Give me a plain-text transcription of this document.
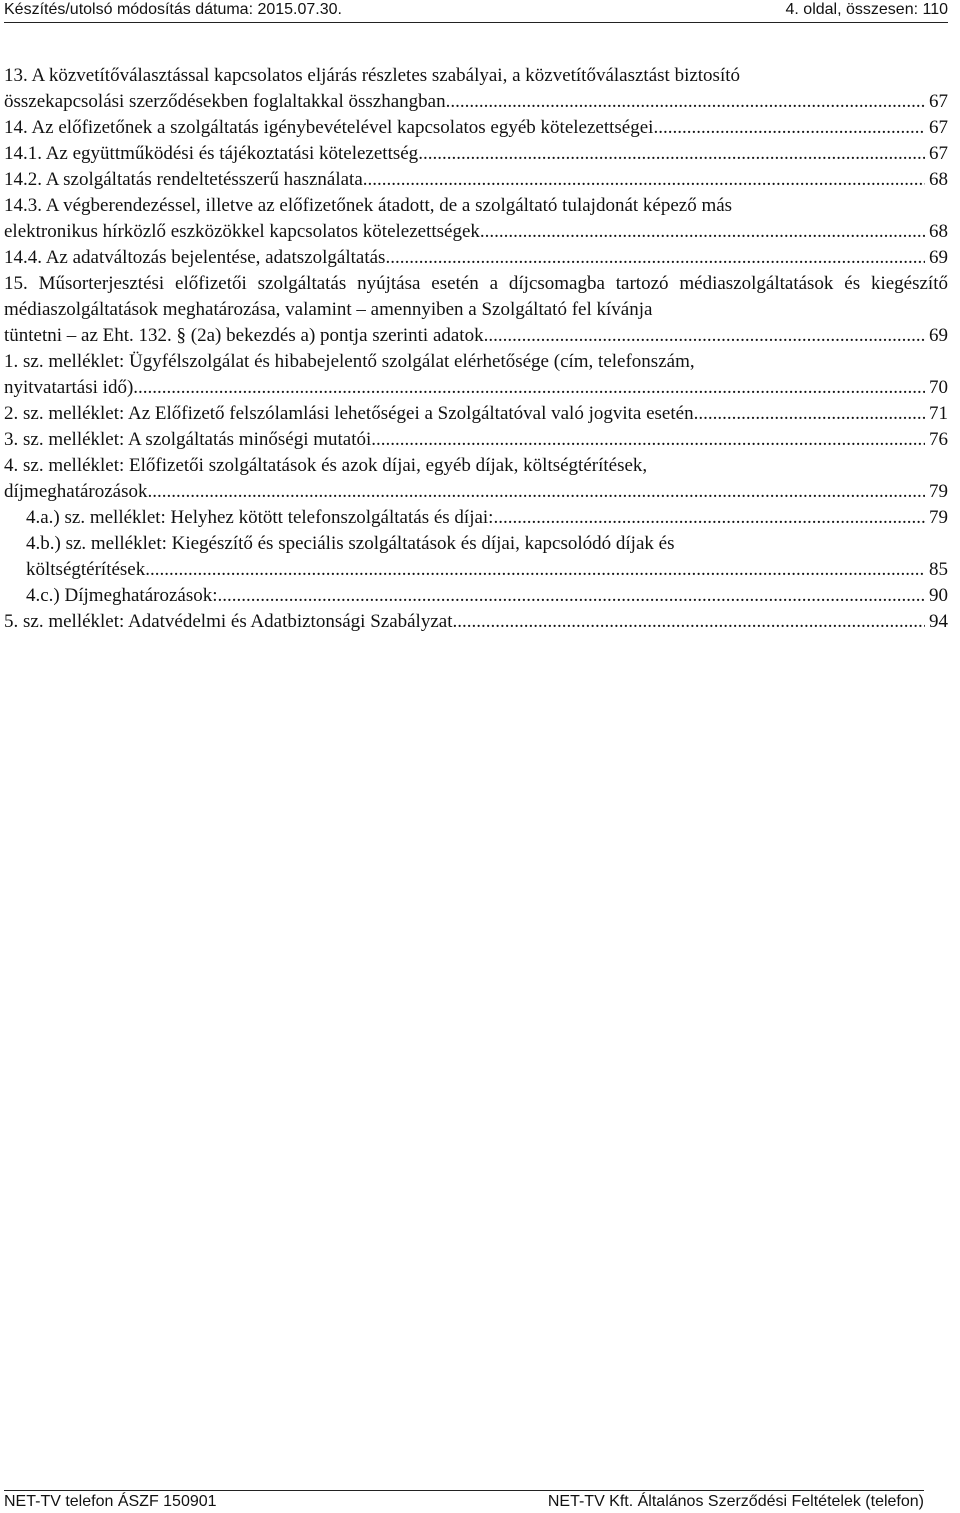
Készítés/utolsó módosítás dátuma: 2015.07.30.	4. oldal, összesen: 110
13. A közvetítőválasztással kapcsolatos eljárás részletes szabályai, a közvetítőválasztást biztosító
összekapcsolási szerződésekben foglaltakkal összhangban. .....	67
14. Az előfizetőnek a szolgáltatás igénybevételével kapcsolatos egyéb kötelezettségei .....	67
14.1. Az együttműködési és tájékoztatási kötelezettség .....	67
14.2. A szolgáltatás rendeltetésszerű használata .....	68
14.3. A végberendezéssel, illetve az előfizetőnek átadott, de a szolgáltató tulajdonát képező más
elektronikus hírközlő eszközökkel kapcsolatos kötelezettségek .....	68
14.4. Az adatváltozás bejelentése, adatszolgáltatás .....	69
15. Műsorterjesztési előfizetői szolgáltatás nyújtása esetén a díjcsomagba tartozó médiaszolgáltatások és kiegészítő médiaszolgáltatások meghatározása, valamint – amennyiben a Szolgáltató fel kívánja
tüntetni – az Eht. 132. § (2a) bekezdés a) pontja szerinti adatok .....	69
1. sz. melléklet: Ügyfélszolgálat és hibabejelentő szolgálat elérhetősége (cím, telefonszám,
nyitvatartási idő) .....	70
2. sz. melléklet: Az Előfizető felszólamlási lehetőségei a Szolgáltatóval való jogvita esetén .....	71
3. sz. melléklet: A szolgáltatás minőségi mutatói .....	76
4. sz. melléklet: Előfizetői szolgáltatások és azok díjai, egyéb díjak, költségtérítések,
díjmeghatározások .....	79
4.a.) sz. melléklet: Helyhez kötött telefonszolgáltatás és díjai: .....	79
4.b.) sz. melléklet: Kiegészítő és speciális szolgáltatások és díjai, kapcsolódó díjak és
költségtérítések .....	85
4.c.) Díjmeghatározások: .....	90
5. sz. melléklet: Adatvédelmi és Adatbiztonsági Szabályzat .....	94
NET-TV telefon ÁSZF 150901	NET-TV Kft. Általános Szerződési Feltételek (telefon)
